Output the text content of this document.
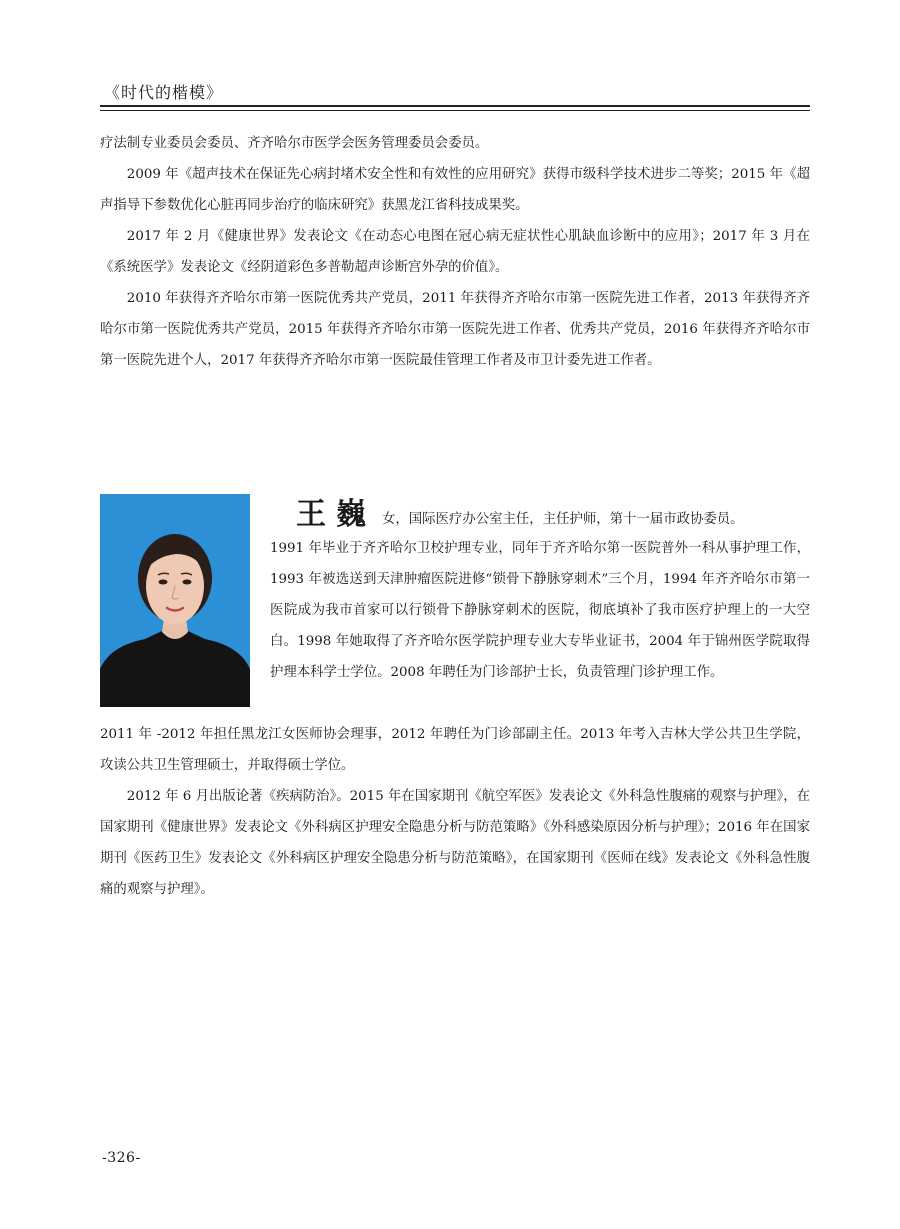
《时代的楷模》

疗法制专业委员会委员、齐齐哈尔市医学会医务管理委员会委员。

2009 年《超声技术在保证先心病封堵术安全性和有效性的应用研究》获得市级科学技术进步二等奖；2015 年《超声指导下参数优化心脏再同步治疗的临床研究》获黑龙江省科技成果奖。

2017 年 2 月《健康世界》发表论文《在动态心电图在冠心病无症状性心肌缺血诊断中的应用》；2017 年 3 月在《系统医学》发表论文《经阴道彩色多普勒超声诊断宫外孕的价值》。

2010 年获得齐齐哈尔市第一医院优秀共产党员，2011 年获得齐齐哈尔市第一医院先进工作者，2013 年获得齐齐哈尔市第一医院优秀共产党员，2015 年获得齐齐哈尔市第一医院先进工作者、优秀共产党员，2016 年获得齐齐哈尔市第一医院先进个人，2017 年获得齐齐哈尔市第一医院最佳管理工作者及市卫计委先进工作者。

王巍 女，国际医疗办公室主任，主任护师，第十一届市政协委员。

1991 年毕业于齐齐哈尔卫校护理专业，同年于齐齐哈尔第一医院普外一科从事护理工作，1993 年被选送到天津肿瘤医院进修“锁骨下静脉穿刺术”三个月，1994 年齐齐哈尔市第一医院成为我市首家可以行锁骨下静脉穿刺术的医院，彻底填补了我市医疗护理上的一大空白。1998 年她取得了齐齐哈尔医学院护理专业大专毕业证书，2004 年于锦州医学院取得护理本科学士学位。2008 年聘任为门诊部护士长，负责管理门诊护理工作。

2011 年 -2012 年担任黑龙江女医师协会理事，2012 年聘任为门诊部副主任。2013 年考入吉林大学公共卫生学院，攻读公共卫生管理硕士，并取得硕士学位。

2012 年 6 月出版论著《疾病防治》。2015 年在国家期刊《航空军医》发表论文《外科急性腹痛的观察与护理》，在国家期刊《健康世界》发表论文《外科病区护理安全隐患分析与防范策略》《外科感染原因分析与护理》；2016 年在国家期刊《医药卫生》发表论文《外科病区护理安全隐患分析与防范策略》，在国家期刊《医师在线》发表论文《外科急性腹痛的观察与护理》。

-326-
